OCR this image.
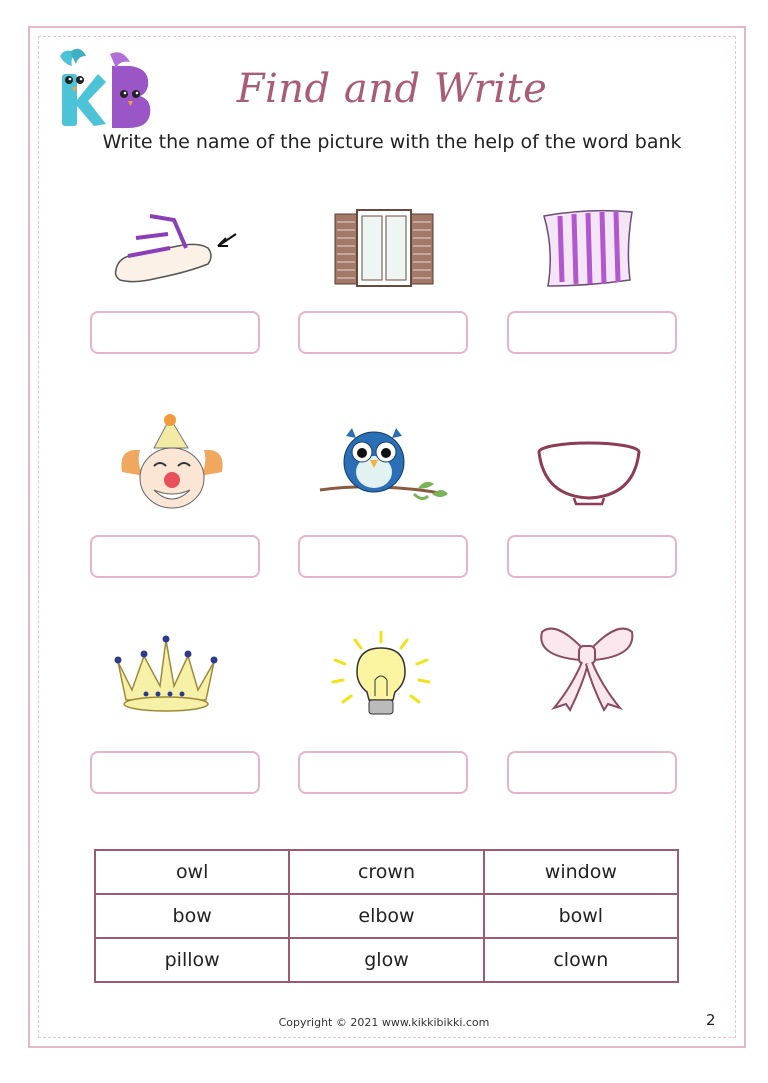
Find and Write
Write the name of the picture with the help of the word bank
owl	crown	window
bow	elbow	bowl
pillow	glow	clown
Copyright © 2021 www.kikkibikki.com	2
